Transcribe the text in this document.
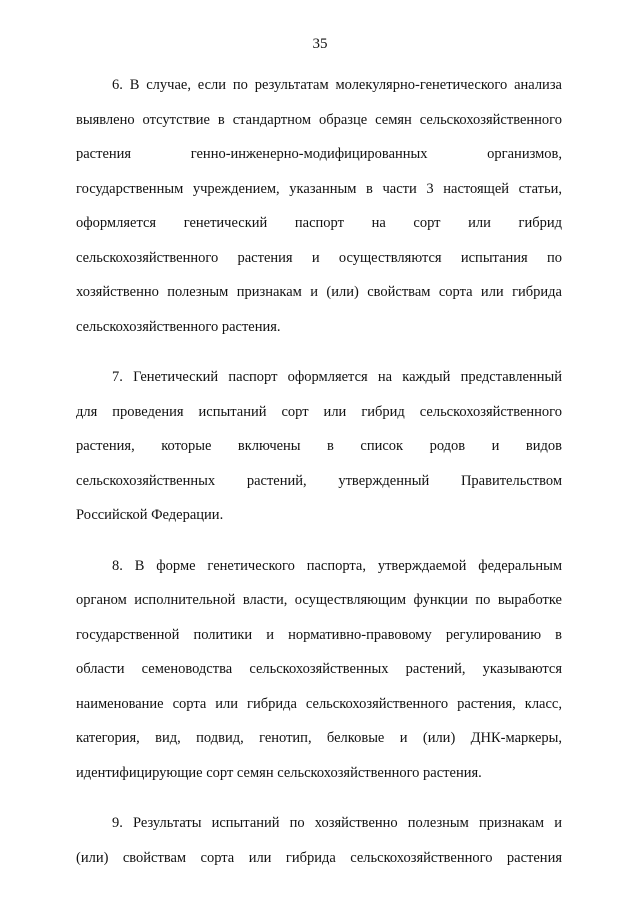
35

6. В случае, если по результатам молекулярно-генетического анализа
выявлено отсутствие в стандартном образце семян сельскохозяйственного
растения генно-инженерно-модифицированных организмов,
государственным учреждением, указанным в части 3 настоящей статьи,
оформляется генетический паспорт на сорт или гибрид
сельскохозяйственного растения и осуществляются испытания по
хозяйственно полезным признакам и (или) свойствам сорта или гибрида
сельскохозяйственного растения.

7. Генетический паспорт оформляется на каждый представленный
для проведения испытаний сорт или гибрид сельскохозяйственного
растения, которые включены в список родов и видов
сельскохозяйственных растений, утвержденный Правительством
Российской Федерации.

8. В форме генетического паспорта, утверждаемой федеральным
органом исполнительной власти, осуществляющим функции по выработке
государственной политики и нормативно-правовому регулированию в
области семеноводства сельскохозяйственных растений, указываются
наименование сорта или гибрида сельскохозяйственного растения, класс,
категория, вид, подвид, генотип, белковые и (или) ДНК-маркеры,
идентифицирующие сорт семян сельскохозяйственного растения.

9. Результаты испытаний по хозяйственно полезным признакам и
(или) свойствам сорта или гибрида сельскохозяйственного растения
